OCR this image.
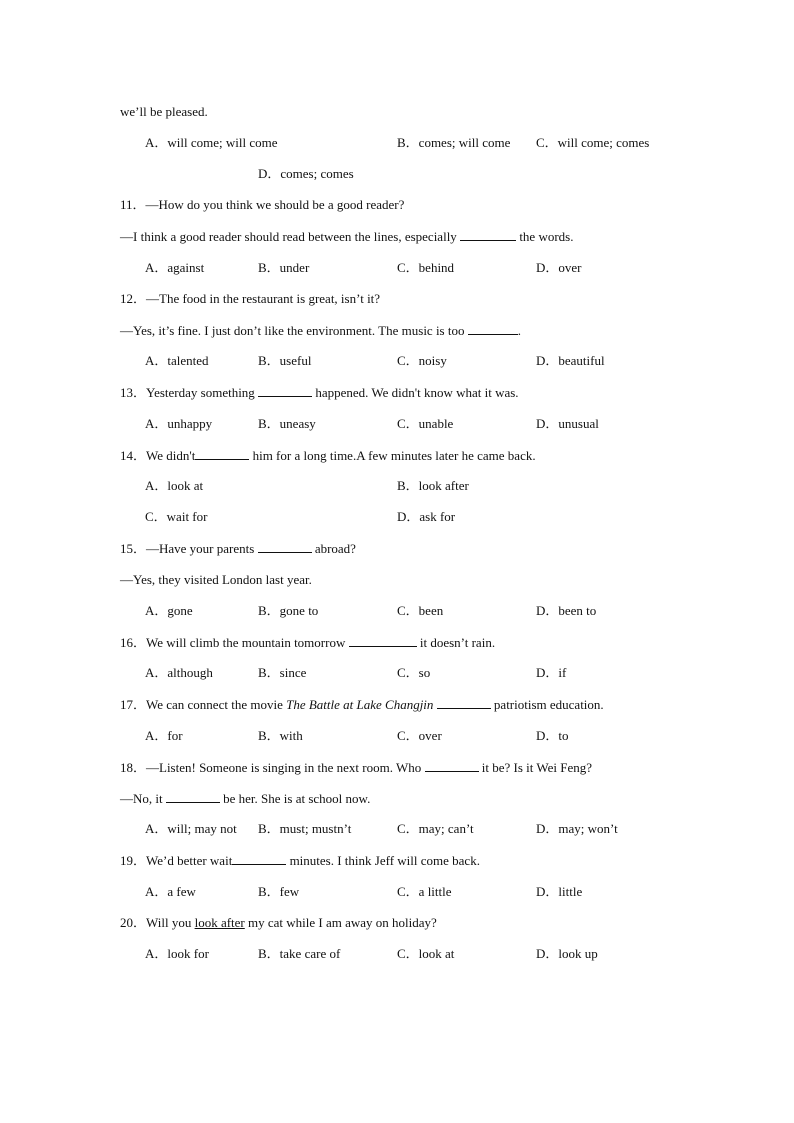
we’ll be pleased.
A．will come; will come	B．comes; will come C．will come; comes
D．comes; comes
11．—How do you think we should be a good reader?
—I think a good reader should read between the lines, especially	the words.
A．against	B．under	C．behind	D．over
12．—The food in the restaurant is great, isn’t it?
—Yes, it’s fine. I just don’t like the environment. The music is too	.
A．talented	B．useful	C．noisy	D．beautiful
13．Yesterday something	happened. We didn't know what it was.
A．unhappy	B．uneasy	C．unable	D．unusual
14．We didn't	him for a long time.A few minutes later he came back.
A．look at	B．look after
C．wait for	D．ask for
15．—Have your parents	abroad?
—Yes, they visited London last year.
A．gone	B．gone to	C．been	D．been to
16．We will climb the mountain tomorrow	it doesn’t rain.
A．although	B．since	C．so	D．if
17．We can connect the movie The Battle at Lake Changjin	patriotism education.
A．for	B．with	C．over	D．to
18．—Listen! Someone is singing in the next room. Who	it be? Is it Wei Feng?
—No, it	be her. She is at school now.
A．will; may not B．must; mustn’t	C．may; can’t	D．may; won’t
19．We’d better wait	minutes. I think Jeff will come back.
A．a few	B．few	C．a little	D．little
20．Will you look after my cat while I am away on holiday?
A．look for	B．take care of	C．look at	D．look up
